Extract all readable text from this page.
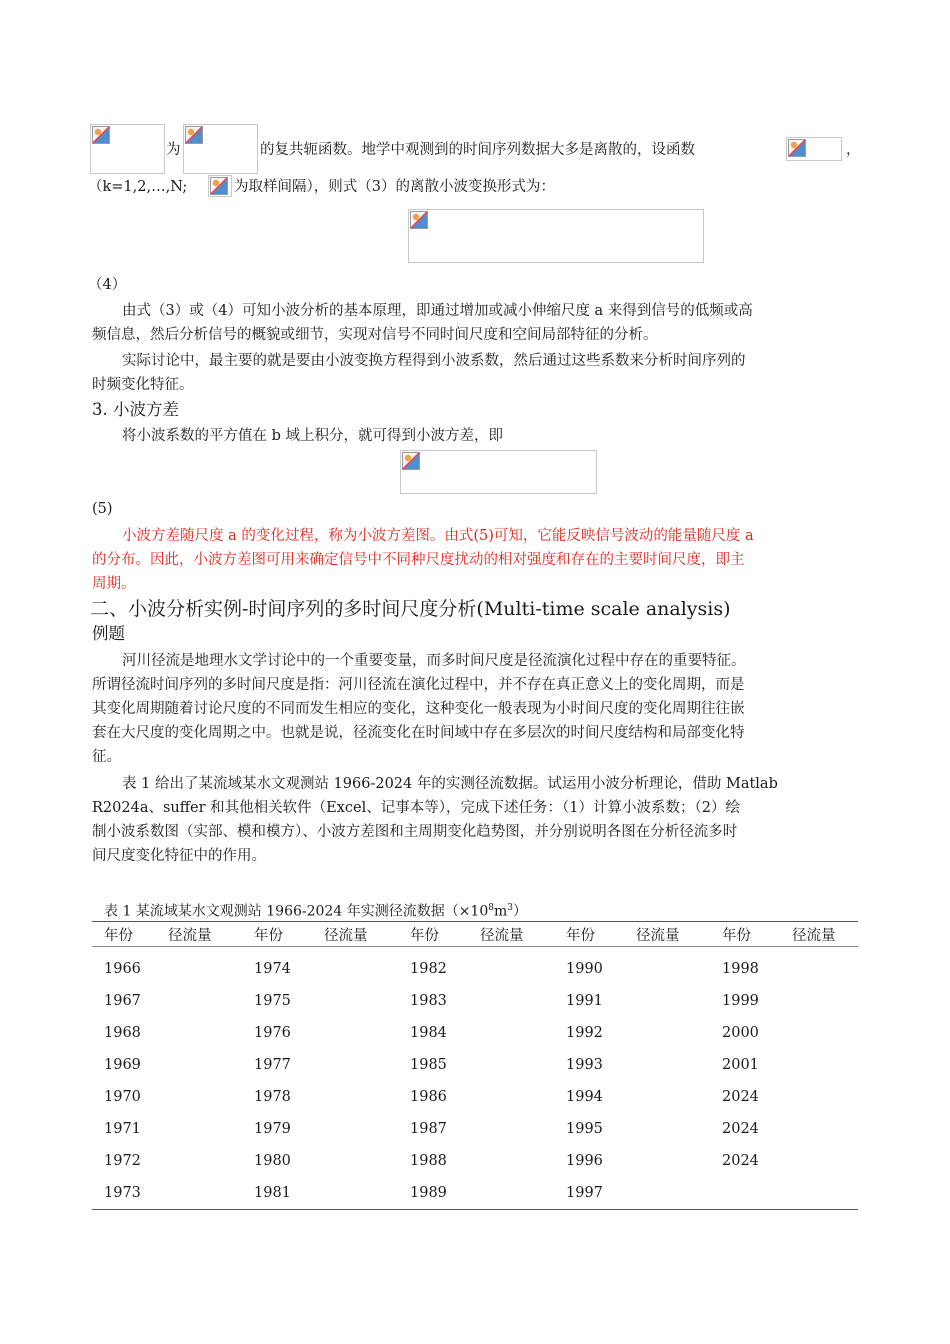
为	的复共轭函数。地学中观测到的时间序列数据大多是离散的，设函数	，
（k=1,2,…,N;	为取样间隔），则式（3）的离散小波变换形式为：
（4）
由式（3）或（4）可知小波分析的基本原理，即通过增加或减小伸缩尺度 a 来得到信号的低频或高
频信息，然后分析信号的概貌或细节，实现对信号不同时间尺度和空间局部特征的分析。
实际讨论中，最主要的就是要由小波变换方程得到小波系数，然后通过这些系数来分析时间序列的
时频变化特征。
3. 小波方差
将小波系数的平方值在 b 域上积分，就可得到小波方差，即
(5)
小波方差随尺度 a 的变化过程，称为小波方差图。由式(5)可知，它能反映信号波动的能量随尺度 a
的分布。因此，小波方差图可用来确定信号中不同种尺度扰动的相对强度和存在的主要时间尺度，即主
周期。
二、小波分析实例-时间序列的多时间尺度分析(Multi-time scale analysis)
例题
河川径流是地理水文学讨论中的一个重要变量，而多时间尺度是径流演化过程中存在的重要特征。
所谓径流时间序列的多时间尺度是指：河川径流在演化过程中，并不存在真正意义上的变化周期，而是
其变化周期随着讨论尺度的不同而发生相应的变化，这种变化一般表现为小时间尺度的变化周期往往嵌
套在大尺度的变化周期之中。也就是说，径流变化在时间域中存在多层次的时间尺度结构和局部变化特
征。
表 1 给出了某流域某水文观测站 1966-2024 年的实测径流数据。试运用小波分析理论，借助 Matlab
R2024a、suffer 和其他相关软件（Excel、记事本等），完成下述任务：（1）计算小波系数；（2）绘
制小波系数图（实部、模和模方）、小波方差图和主周期变化趋势图，并分别说明各图在分析径流多时
间尺度变化特征中的作用。
表 1 某流域某水文观测站 1966-2024 年实测径流数据$(\times 10^8m^3)$
年份	径流量	年份	径流量	年份	径流量	年份	径流量	年份	径流量
1966		1974		1982		1990		1998	
1967		1975		1983		1991		1999	
1968		1976		1984		1992		2000	
1969		1977		1985		1993		2001	
1970		1978		1986		1994		2024	
1971		1979		1987		1995		2024	
1972		1980		1988		1996		2024	
1973		1981		1989		1997			
